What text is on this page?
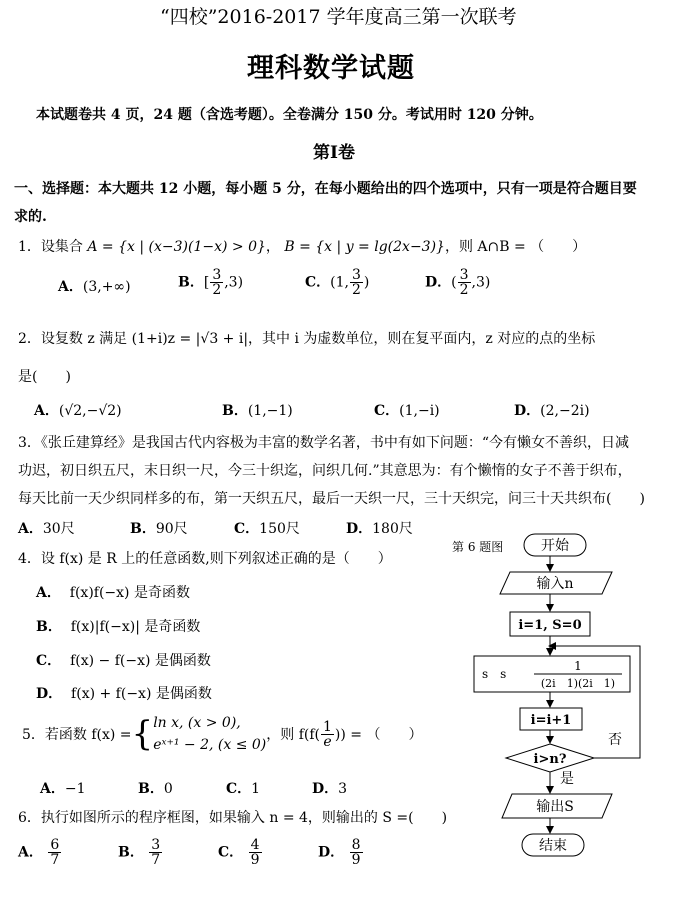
“四校”2016-2017 学年度高三第一次联考
理科数学试题
本试题卷共 4 页，24 题（含选考题）。全卷满分 150 分。考试用时 120 分钟。
第Ⅰ卷
一、选择题：本大题共 12 小题，每小题 5 分，在每小题给出的四个选项中，只有一项是符合题目要
求的.
1．设集合 A = {x | (x−3)(1−x) > 0}， B = {x | y = lg(2x−3)}，则 A∩B = （　　）
A．(3,+∞)	B．[ $\frac{3}{2} ,3$)	C．(1, $\frac{3}{2}$ )	D．( $\frac{3}{2} ,3$)
2．设复数 z 满足 (1+i)z = |√3 + i|，其中 i 为虚数单位，则在复平面内，z 对应的点的坐标
是(　　)
A．(√2,−√2)	B．(1,−1)	C．(1,−i)	D．(2,−2i)
3．《张丘建算经》是我国古代内容极为丰富的数学名著，书中有如下问题：“今有懒女不善织，日减
功迟，初日织五尺，末日织一尺，今三十织迄，问织几何.”其意思为：有个懒惰的女子不善于织布，
每天比前一天少织同样多的布，第一天织五尺，最后一天织一尺，三十天织完，问三十天共织布(　　)
A．30尺	B．90尺	C．150尺	D．180尺
4．设 f(x) 是 R 上的任意函数,则下列叙述正确的是（　　）
A． f(x)f(−x) 是奇函数
B． f(x)|f(−x)| 是奇函数
C． f(x) − f(−x) 是偶函数
D． f(x) + f(−x) 是偶函数
5．若函数 f(x) = { ln x, (x > 0),
eˣ⁺¹ − 2, (x ≤ 0)
，则 $f(f( \frac{1}{e}$ )) = （　　）
A．−1	B．0	C．1	D．3
6．执行如图所示的程序框图，如果输入 n = 4，则输出的 S =(　　)
A． $\frac{6}{7}$	B． $\frac{3}{7}$	C． $\frac{4}{9}$	D． $\frac{8}{9}$
第 6 题图	开始
输入n
i=1, S=0
s　s
1
(2i　1)(2i　1)
i=i+1
i>n?
否
是
输出S
结束
